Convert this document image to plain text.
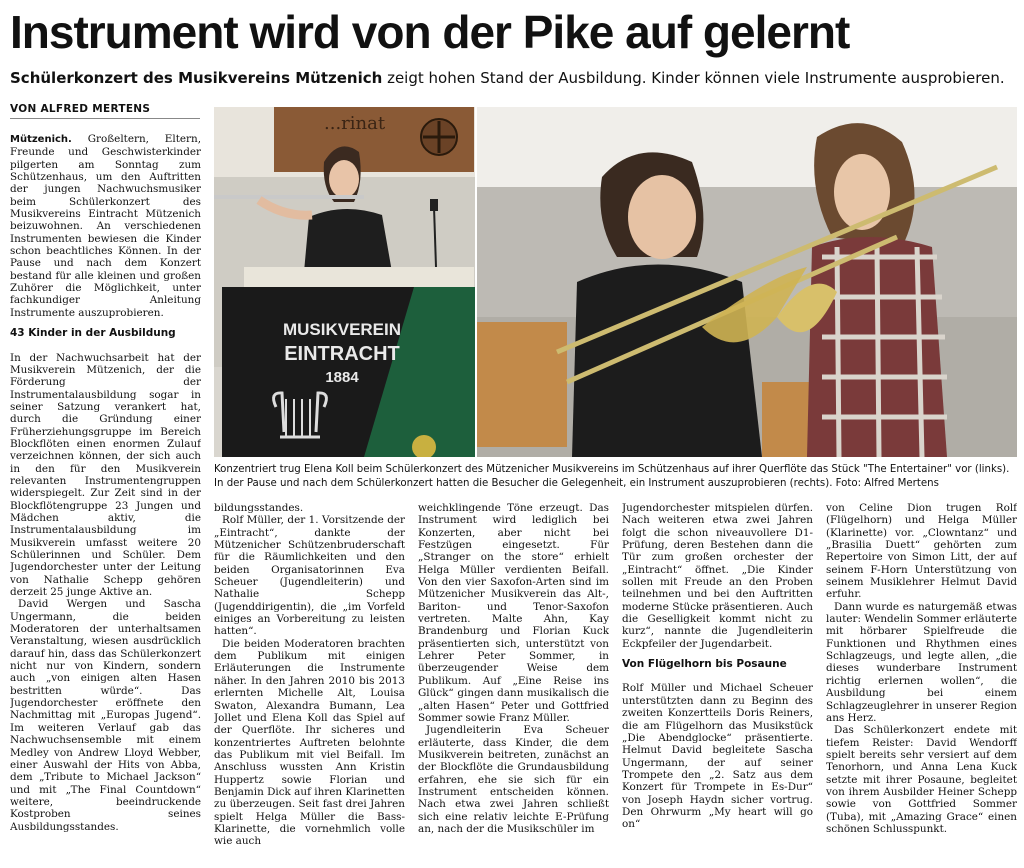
Instrument wird von der Pike auf gelernt

Schülerkonzert des Musikvereins Mützenich zeigt hohen Stand der Ausbildung. Kinder können viele Instrumente ausprobieren.

VON ALFRED MERTENS

Mützenich. Großeltern, Eltern, Freunde und Geschwisterkinder pilgerten am Sonntag zum Schützenhaus, um den Auftritten der jungen Nachwuchsmusiker beim Schülerkonzert des Musikvereins Eintracht Mützenich beizuwohnen. An verschiedenen Instrumenten bewiesen die Kinder schon beachtliches Können. In der Pause und nach dem Konzert bestand für alle kleinen und großen Zuhörer die Möglichkeit, unter fachkundiger Anleitung Instrumente auszuprobieren.

43 Kinder in der Ausbildung

In der Nachwuchsarbeit hat der Musikverein Mützenich, der die Förderung der Instrumentalausbildung sogar in seiner Satzung verankert hat, durch die Gründung einer Früherziehungsgruppe im Bereich Blockflöten einen enormen Zulauf verzeichnen können, der sich auch in den für den Musikverein relevanten Instrumentengruppen widerspiegelt. Zur Zeit sind in der Blockflötengruppe 23 Jungen und Mädchen aktiv, die Instrumentalausbildung im Musikverein umfasst weitere 20 Schülerinnen und Schüler. Dem Jugendorchester unter der Leitung von Nathalie Schepp gehören derzeit 25 junge Aktive an.

David Wergen und Sascha Ungermann, die beiden Moderatoren der unterhaltsamen Veranstaltung, wiesen ausdrücklich darauf hin, dass das Schülerkonzert nicht nur von Kindern, sondern auch „von einigen alten Hasen bestritten würde“. Das Jugendorchester eröffnete den Nachmittag mit „Europas Jugend“. Im weiteren Verlauf gab das Nachwuchsensemble mit einem Medley von Andrew Lloyd Webber, einer Auswahl der Hits von Abba, dem „Tribute to Michael Jackson“ und mit „The Final Countdown“ weitere, beeindruckende Kostproben seines Ausbildungsstandes.

...rinat
MUSIKVEREIN
EINTRACHT
1884

Konzentriert trug Elena Koll beim Schülerkonzert des Mützenicher Musikvereins im Schützenhaus auf ihrer Querflöte das Stück "The Entertainer" vor (links). In der Pause und nach dem Schülerkonzert hatten die Besucher die Gelegenheit, ein Instrument auszuprobieren (rechts). Foto: Alfred Mertens

bildungsstandes.

Rolf Müller, der 1. Vorsitzende der „Eintracht“, dankte der Mützenicher Schützenbruderschaft für die Räumlichkeiten und den beiden Organisatorinnen Eva Scheuer (Jugendleiterin) und Nathalie Schepp (Jugenddirigentin), die „im Vorfeld einiges an Vorbereitung zu leisten hatten“.

Die beiden Moderatoren brachten dem Publikum mit einigen Erläuterungen die Instrumente näher. In den Jahren 2010 bis 2013 erlernten Michelle Alt, Louisa Swaton, Alexandra Bumann, Lea Jollet und Elena Koll das Spiel auf der Querflöte. Ihr sicheres und konzentriertes Auftreten belohnte das Publikum mit viel Beifall. Im Anschluss wussten Ann Kristin Huppertz sowie Florian und Benjamin Dick auf ihren Klarinetten zu überzeugen. Seit fast drei Jahren spielt Helga Müller die Bass-Klarinette, die vornehmlich volle wie auch

weichklingende Töne erzeugt. Das Instrument wird lediglich bei Konzerten, aber nicht bei Festzügen eingesetzt. Für „Stranger on the store“ erhielt Helga Müller verdienten Beifall. Von den vier Saxofon-Arten sind im Mützenicher Musikverein das Alt-, Bariton- und Tenor-Saxofon vertreten. Malte Ahn, Kay Brandenburg und Florian Kuck präsentierten sich, unterstützt von Lehrer Peter Sommer, in überzeugender Weise dem Publikum. Auf „Eine Reise ins Glück“ gingen dann musikalisch die „alten Hasen“ Peter und Gottfried Sommer sowie Franz Müller.

Jugendleiterin Eva Scheuer erläuterte, dass Kinder, die dem Musikverein beitreten, zunächst an der Blockflöte die Grundausbildung erfahren, ehe sie sich für ein Instrument entscheiden können. Nach etwa zwei Jahren schließt sich eine relativ leichte E-Prüfung an, nach der die Musikschüler im

Jugendorchester mitspielen dürfen. Nach weiteren etwa zwei Jahren folgt die schon niveauvollere D1-Prüfung, deren Bestehen dann die Tür zum großen orchester der „Eintracht“ öffnet. „Die Kinder sollen mit Freude an den Proben teilnehmen und bei den Auftritten moderne Stücke präsentieren. Auch die Geselligkeit kommt nicht zu kurz“, nannte die Jugendleiterin Eckpfeiler der Jugendarbeit.

Von Flügelhorn bis Posaune

Rolf Müller und Michael Scheuer unterstützten dann zu Beginn des zweiten Konzertteils Doris Reiners, die am Flügelhorn das Musikstück „Die Abendglocke“ präsentierte. Helmut David begleitete Sascha Ungermann, der auf seiner Trompete den „2. Satz aus dem Konzert für Trompete in Es-Dur“ von Joseph Haydn sicher vortrug. Den Ohrwurm „My heart will go on“

von Celine Dion trugen Rolf (Flügelhorn) und Helga Müller (Klarinette) vor. „Clowntanz“ und „Brasilia Duett“ gehörten zum Repertoire von Simon Litt, der auf seinem F-Horn Unterstützung von seinem Musiklehrer Helmut David erfuhr.

Dann wurde es naturgemäß etwas lauter: Wendelin Sommer erläuterte mit hörbarer Spielfreude die Funktionen und Rhythmen eines Schlagzeugs, und legte allen, „die dieses wunderbare Instrument richtig erlernen wollen“, die Ausbildung bei einem Schlagzeuglehrer in unserer Region ans Herz.

Das Schülerkonzert endete mit tiefem Reister: David Wendorff spielt bereits sehr versiert auf dem Tenorhorn, und Anna Lena Kuck setzte mit ihrer Posaune, begleitet von ihrem Ausbilder Heiner Schepp sowie von Gottfried Sommer (Tuba), mit „Amazing Grace“ einen schönen Schlusspunkt.
